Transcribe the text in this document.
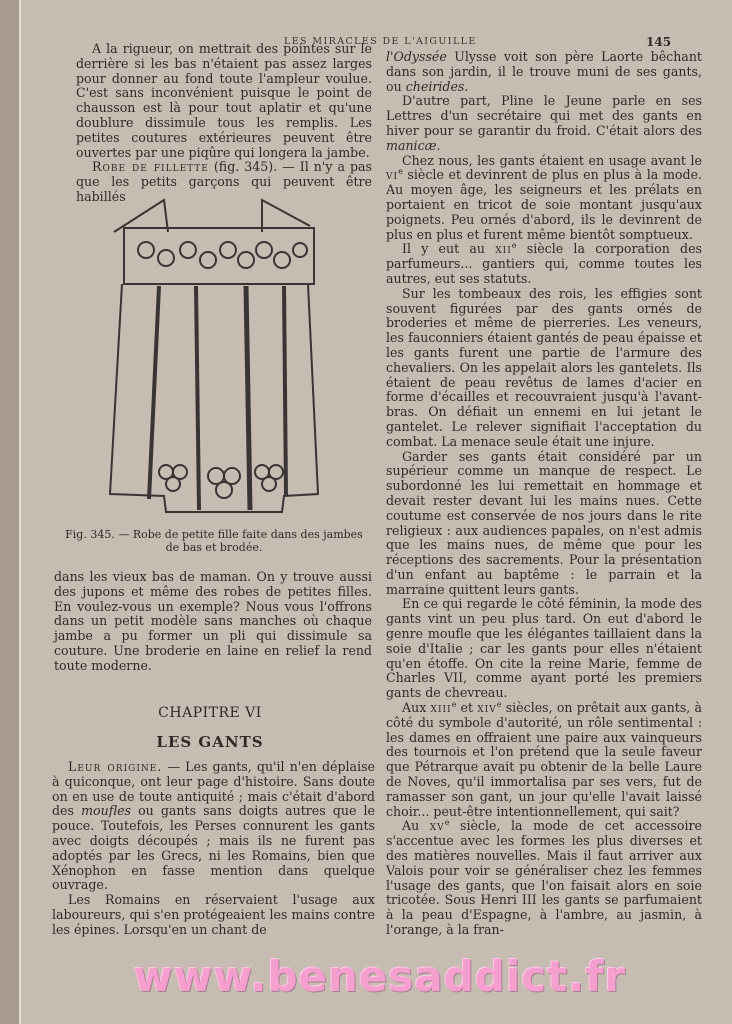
LES MIRACLES DE L'AIGUILLE	145

A la rigueur, on mettrait des pointes sur le derrière si les bas n'étaient pas assez larges pour donner au fond toute l'ampleur voulue. C'est sans inconvénient puisque le point de chausson est là pour tout aplatir et qu'une doublure dissimule tous les remplis. Les petites coutures extérieures peuvent être ouvertes par une piqûre qui longera la jambe.

Robe de fillette (fig. 345). — Il n'y a pas que les petits garçons qui peuvent être habillés

Fig. 345. — Robe de petite fille faite dans des jambes de bas et brodée.

dans les vieux bas de maman. On y trouve aussi des jupons et même des robes de petites filles. En voulez-vous un exemple? Nous vous l'offrons dans un petit modèle sans manches où chaque jambe a pu former un pli qui dissimule sa couture. Une broderie en laine en relief la rend toute moderne.

CHAPITRE VI
LES GANTS

Leur origine. — Les gants, qu'il n'en déplaise à quiconque, ont leur page d'histoire. Sans doute on en use de toute antiquité ; mais c'était d'abord des moufles ou gants sans doigts autres que le pouce. Toutefois, les Perses connurent les gants avec doigts découpés ; mais ils ne furent pas adoptés par les Grecs, ni les Romains, bien que Xénophon en fasse mention dans quelque ouvrage.

Les Romains en réservaient l'usage aux laboureurs, qui s'en protégeaient les mains contre les épines. Lorsqu'en un chant de

l'Odyssée Ulysse voit son père Laorte bêchant dans son jardin, il le trouve muni de ses gants, ou cheirides.

D'autre part, Pline le Jeune parle en ses Lettres d'un secrétaire qui met des gants en hiver pour se garantir du froid. C'était alors des manicæ.

Chez nous, les gants étaient en usage avant le $vi^e$ siècle et devinrent de plus en plus à la mode. Au moyen âge, les seigneurs et les prélats en portaient en tricot de soie montant jusqu'aux poignets. Peu ornés d'abord, ils le devinrent de plus en plus et furent même bientôt somptueux.

Il y eut au xii$^e$ siècle la corporation des parfumeurs... gantiers qui, comme toutes les autres, eut ses statuts.

Sur les tombeaux des rois, les effigies sont souvent figurées par des gants ornés de broderies et même de pierreries. Les veneurs, les fauconniers étaient gantés de peau épaisse et les gants furent une partie de l'armure des chevaliers. On les appelait alors les gantelets. Ils étaient de peau revêtus de lames d'acier en forme d'écailles et recouvraient jusqu'à l'avant-bras. On défiait un ennemi en lui jetant le gantelet. Le relever signifiait l'acceptation du combat. La menace seule était une injure.

Garder ses gants était considéré par un supérieur comme un manque de respect. Le subordonné les lui remettait en hommage et devait rester devant lui les mains nues. Cette coutume est conservée de nos jours dans le rite religieux : aux audiences papales, on n'est admis que les mains nues, de même que pour les réceptions des sacrements. Pour la présentation d'un enfant au baptême : le parrain et la marraine quittent leurs gants.

En ce qui regarde le côté féminin, la mode des gants vint un peu plus tard. On eut d'abord le genre moufle que les élégantes taillaient dans la soie d'Italie ; car les gants pour elles n'étaient qu'en étoffe. On cite la reine Marie, femme de Charles VII, comme ayant porté les premiers gants de chevreau.

Aux xiii$^e$ et xiv$^e$ siècles, on prêtait aux gants, à côté du symbole d'autorité, un rôle sentimental : les dames en offraient une paire aux vainqueurs des tournois et l'on prétend que la seule faveur que Pétrarque avait pu obtenir de la belle Laure de Noves, qu'il immortalisa par ses vers, fut de ramasser son gant, un jour qu'elle l'avait laissé choir... peut-être intentionnellement, qui sait?

Au $xv^e$ siècle, la mode de cet accessoire s'accentue avec les formes les plus diverses et des matières nouvelles. Mais il faut arriver aux Valois pour voir se généraliser chez les femmes l'usage des gants, que l'on faisait alors en soie tricotée. Sous Henri III les gants se parfumaient à la peau d'Espagne, à l'ambre, au jasmin, à l'orange, à la fran-

www.benesaddict.fr
